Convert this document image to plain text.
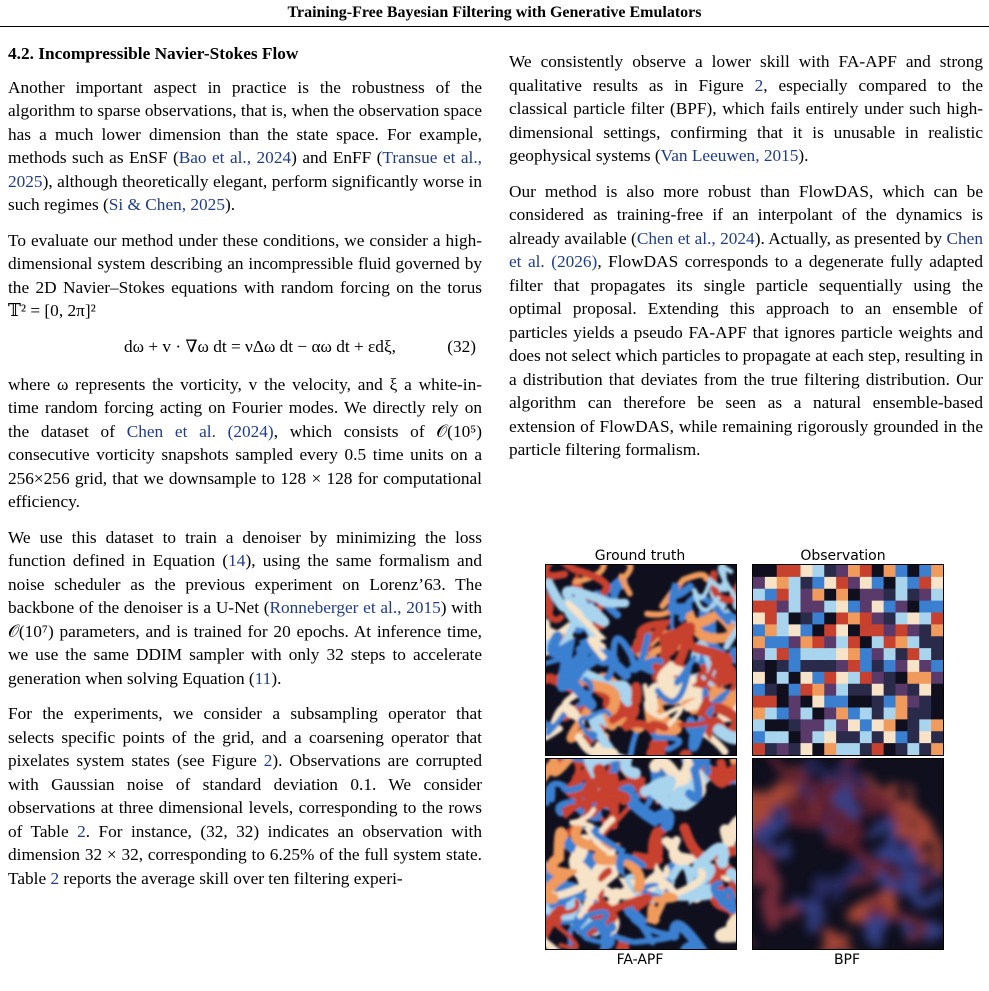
Training-Free Bayesian Filtering with Generative Emulators
4.2. Incompressible Navier-Stokes Flow

Another important aspect in practice is the robustness of the algorithm to sparse observations, that is, when the observation space has a much lower dimension than the state space. For example, methods such as EnSF (Bao et al., 2024) and EnFF (Transue et al., 2025), although theoretically elegant, perform significantly worse in such regimes (Si & Chen, 2025).

To evaluate our method under these conditions, we consider a high-dimensional system describing an incompressible fluid governed by the 2D Navier–Stokes equations with random forcing on the torus 𝕋² = [0, 2π]²

dω + v · ∇ω dt = νΔω dt − αω dt + εdξ,	(32)

where ω represents the vorticity, v the velocity, and ξ a white-in-time random forcing acting on Fourier modes. We directly rely on the dataset of Chen et al. (2024), which consists of 𝒪(10⁵) consecutive vorticity snapshots sampled every 0.5 time units on a 256×256 grid, that we downsample to 128 × 128 for computational efficiency.

We use this dataset to train a denoiser by minimizing the loss function defined in Equation (14), using the same formalism and noise scheduler as the previous experiment on Lorenz’63. The backbone of the denoiser is a U-Net (Ronneberger et al., 2015) with 𝒪(10⁷) parameters, and is trained for 20 epochs. At inference time, we use the same DDIM sampler with only 32 steps to accelerate generation when solving Equation (11).

For the experiments, we consider a subsampling operator that selects specific points of the grid, and a coarsening operator that pixelates system states (see Figure 2). Observations are corrupted with Gaussian noise of standard deviation 0.1. We consider observations at three dimensional levels, corresponding to the rows of Table 2. For instance, (32, 32) indicates an observation with dimension 32 × 32, corresponding to 6.25% of the full system state. Table 2 reports the average skill over ten filtering experi-

We consistently observe a lower skill with FA-APF and strong qualitative results as in Figure 2, especially compared to the classical particle filter (BPF), which fails entirely under such high-dimensional settings, confirming that it is unusable in realistic geophysical systems (Van Leeuwen, 2015).

Our method is also more robust than FlowDAS, which can be considered as training-free if an interpolant of the dynamics is already available (Chen et al., 2024). Actually, as presented by Chen et al. (2026), FlowDAS corresponds to a degenerate fully adapted filter that propagates its single particle sequentially using the optimal proposal. Extending this approach to an ensemble of particles yields a pseudo FA-APF that ignores particle weights and does not select which particles to propagate at each step, resulting in a distribution that deviates from the true filtering distribution. Our algorithm can therefore be seen as a natural ensemble-based extension of FlowDAS, while remaining rigorously grounded in the particle filtering formalism.

Ground truth	Observation
FA-APF	BPF
